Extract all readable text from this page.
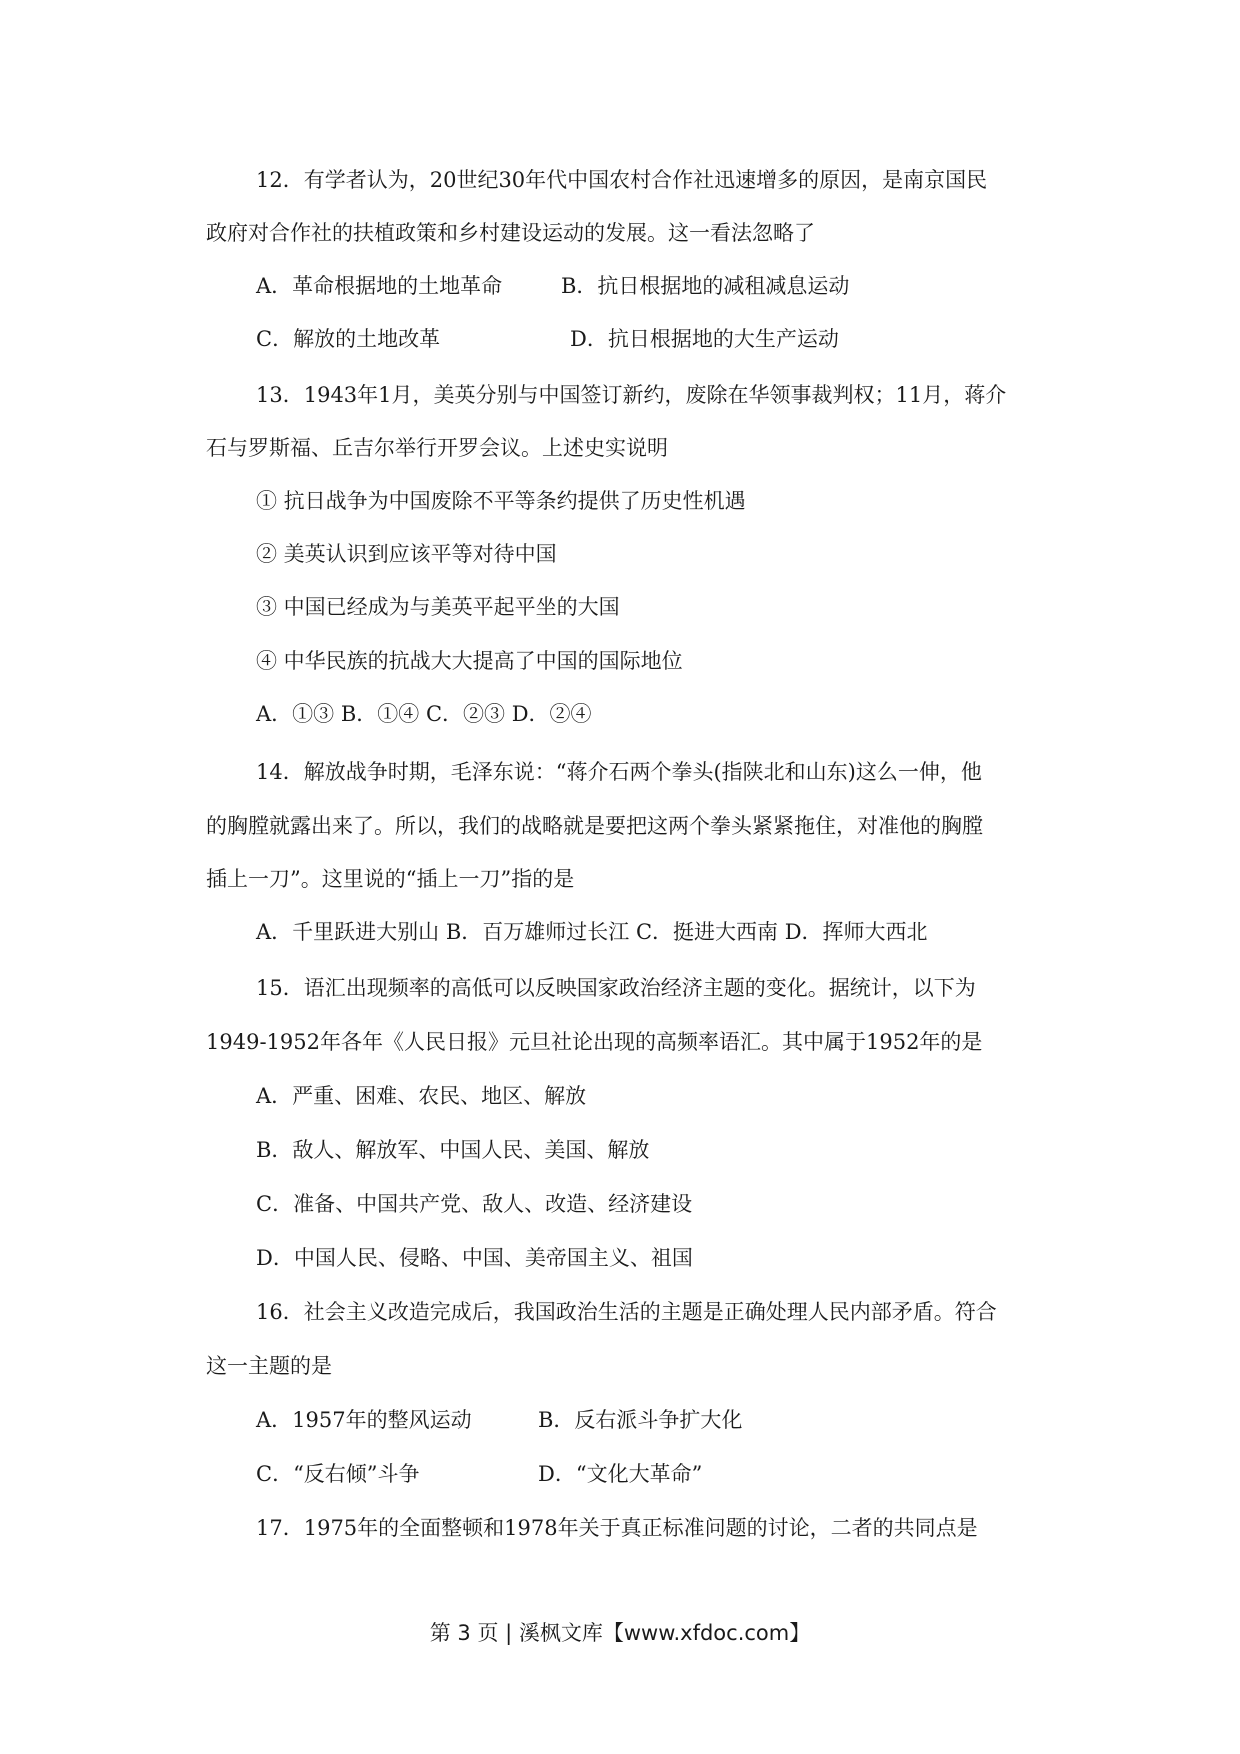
12．有学者认为，20世纪30年代中国农村合作社迅速增多的原因，是南京国民
政府对合作社的扶植政策和乡村建设运动的发展。这一看法忽略了
A．革命根据地的土地革命	B．抗日根据地的减租减息运动
C．解放的土地改革	D．抗日根据地的大生产运动
13．1943年1月，美英分别与中国签订新约，废除在华领事裁判权；11月，蒋介
石与罗斯福、丘吉尔举行开罗会议。上述史实说明
① 抗日战争为中国废除不平等条约提供了历史性机遇
② 美英认识到应该平等对待中国
③ 中国已经成为与美英平起平坐的大国
④ 中华民族的抗战大大提高了中国的国际地位
A．①③ B．①④ C．②③ D．②④
14．解放战争时期，毛泽东说：“蒋介石两个拳头(指陕北和山东)这么一伸，他
的胸膛就露出来了。所以，我们的战略就是要把这两个拳头紧紧拖住，对准他的胸膛
插上一刀”。这里说的“插上一刀”指的是
A．千里跃进大别山 B．百万雄师过长江 C．挺进大西南 D．挥师大西北
15．语汇出现频率的高低可以反映国家政治经济主题的变化。据统计，以下为
1949-1952年各年《人民日报》元旦社论出现的高频率语汇。其中属于1952年的是
A．严重、困难、农民、地区、解放
B．敌人、解放军、中国人民、美国、解放
C．准备、中国共产党、敌人、改造、经济建设
D．中国人民、侵略、中国、美帝国主义、祖国
16．社会主义改造完成后，我国政治生活的主题是正确处理人民内部矛盾。符合
这一主题的是
A．1957年的整风运动	B．反右派斗争扩大化
C．“反右倾”斗争	D．“文化大革命”
17．1975年的全面整顿和1978年关于真正标准问题的讨论，二者的共同点是
第 3 页 | 溪枫文库【www.xfdoc.com】
